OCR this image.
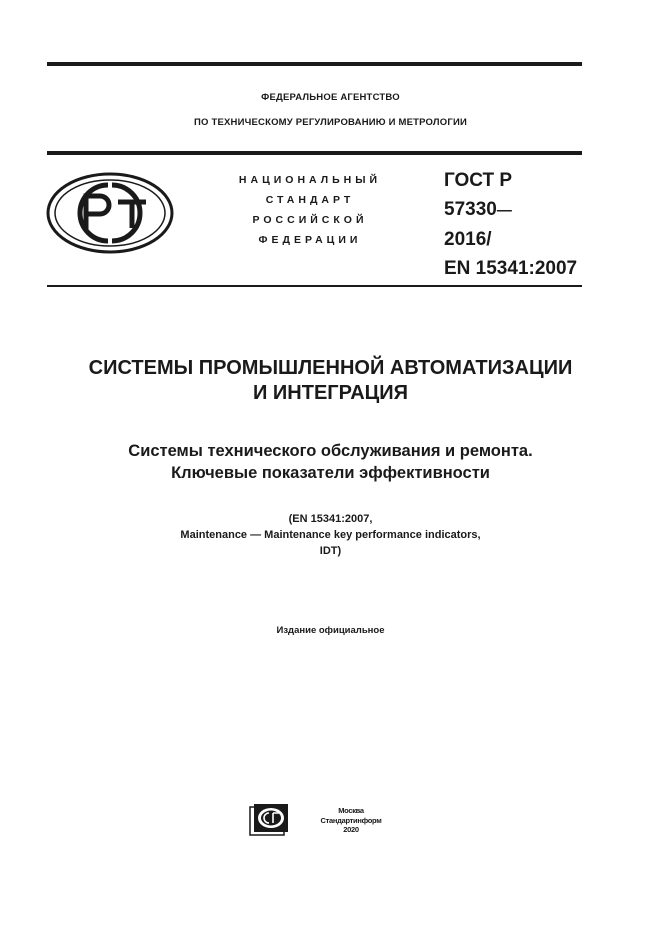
ФЕДЕРАЛЬНОЕ АГЕНТСТВО
ПО ТЕХНИЧЕСКОМУ РЕГУЛИРОВАНИЮ И МЕТРОЛОГИИ
НАЦИОНАЛЬНЫЙ
СТАНДАРТ
РОССИЙСКОЙ
ФЕДЕРАЦИИ
ГОСТ Р
57330—
2016/
EN 15341:2007
СИСТЕМЫ ПРОМЫШЛЕННОЙ АВТОМАТИЗАЦИИ
И ИНТЕГРАЦИЯ
Системы технического обслуживания и ремонта.
Ключевые показатели эффективности
(EN 15341:2007,
Maintenance — Maintenance key performance indicators,
IDT)
Издание официальное
Москва
Стандартинформ
2020
